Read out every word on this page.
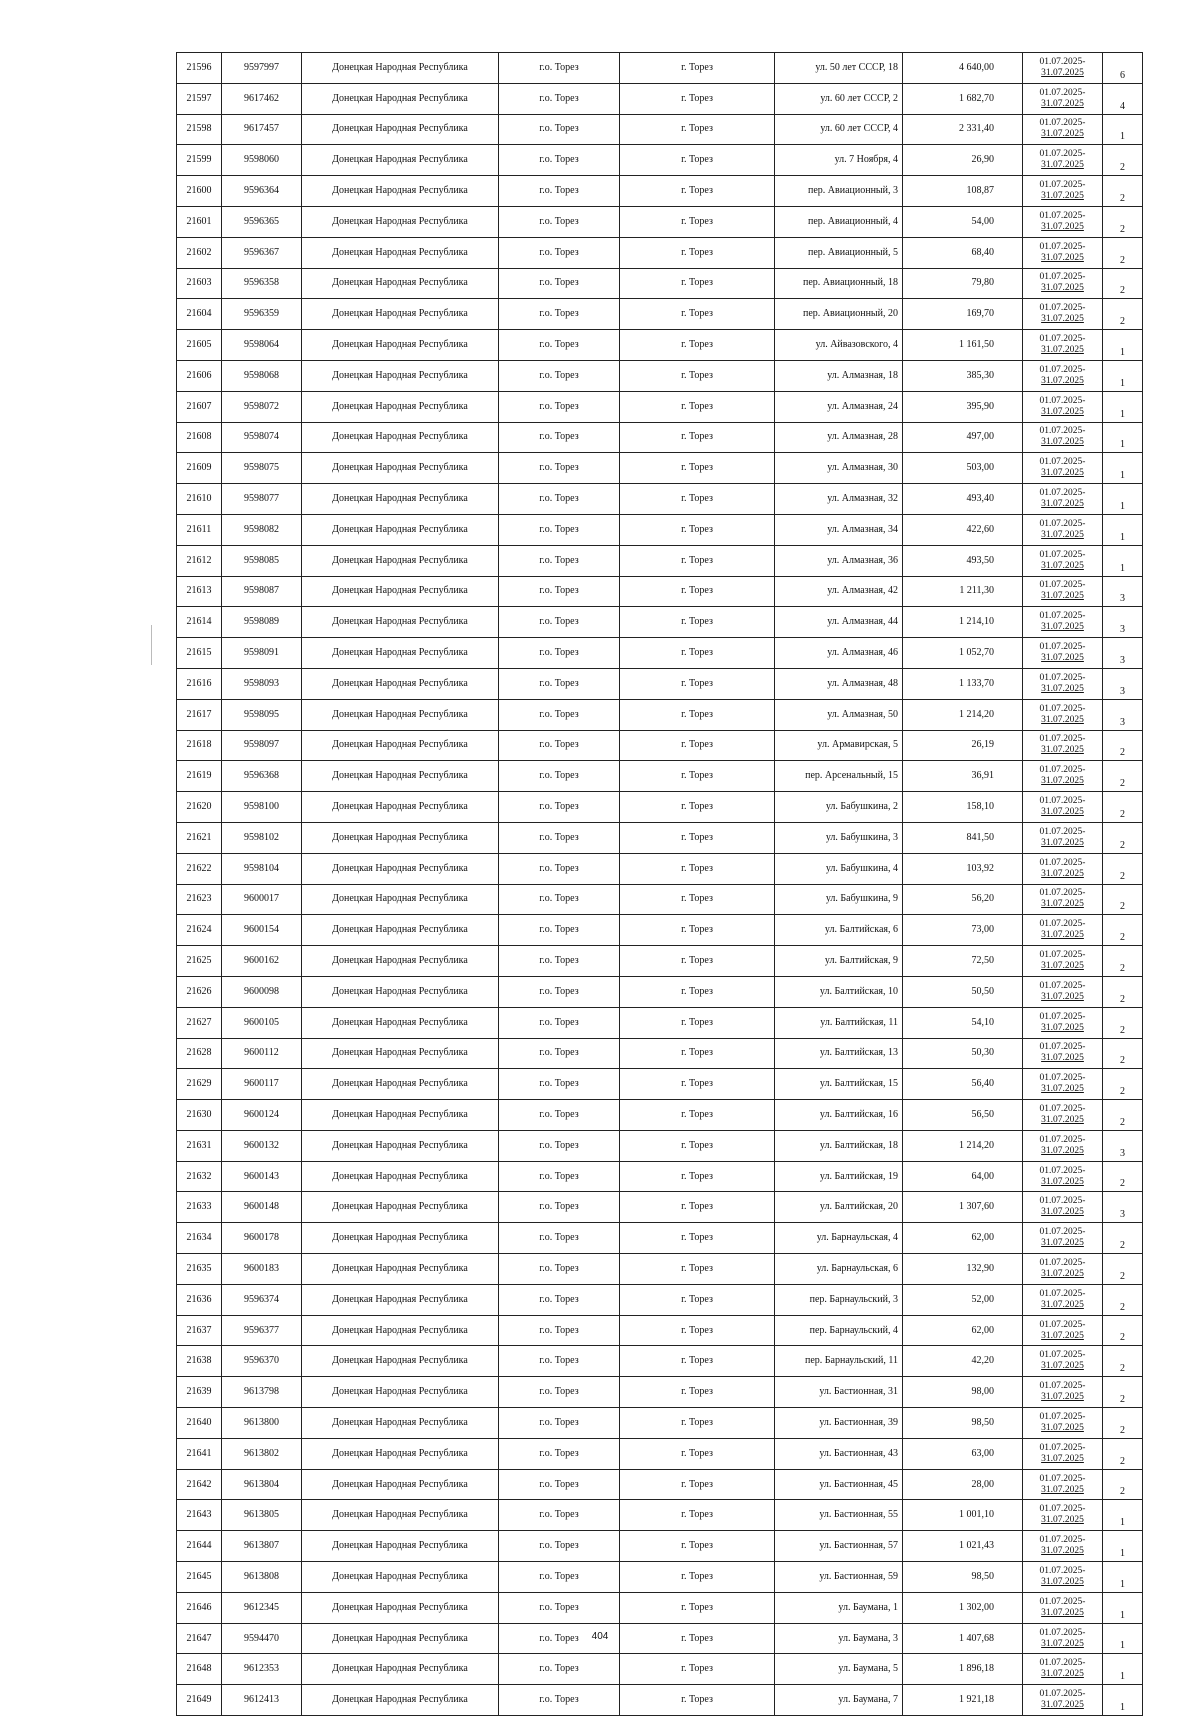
21596	9597997	Донецкая Народная Республика	г.о. Торез	г. Торез	ул. 50 лет СССР, 18	4 640,00	01.07.2025-
31.07.2025	6
21597	9617462	Донецкая Народная Республика	г.о. Торез	г. Торез	ул. 60 лет СССР, 2	1 682,70	01.07.2025-
31.07.2025	4
21598	9617457	Донецкая Народная Республика	г.о. Торез	г. Торез	ул. 60 лет СССР, 4	2 331,40	01.07.2025-
31.07.2025	1
21599	9598060	Донецкая Народная Республика	г.о. Торез	г. Торез	ул. 7 Ноября, 4	26,90	01.07.2025-
31.07.2025	2
21600	9596364	Донецкая Народная Республика	г.о. Торез	г. Торез	пер. Авиационный, 3	108,87	01.07.2025-
31.07.2025	2
21601	9596365	Донецкая Народная Республика	г.о. Торез	г. Торез	пер. Авиационный, 4	54,00	01.07.2025-
31.07.2025	2
21602	9596367	Донецкая Народная Республика	г.о. Торез	г. Торез	пер. Авиационный, 5	68,40	01.07.2025-
31.07.2025	2
21603	9596358	Донецкая Народная Республика	г.о. Торез	г. Торез	пер. Авиационный, 18	79,80	01.07.2025-
31.07.2025	2
21604	9596359	Донецкая Народная Республика	г.о. Торез	г. Торез	пер. Авиационный, 20	169,70	01.07.2025-
31.07.2025	2
21605	9598064	Донецкая Народная Республика	г.о. Торез	г. Торез	ул. Айвазовского, 4	1 161,50	01.07.2025-
31.07.2025	1
21606	9598068	Донецкая Народная Республика	г.о. Торез	г. Торез	ул. Алмазная, 18	385,30	01.07.2025-
31.07.2025	1
21607	9598072	Донецкая Народная Республика	г.о. Торез	г. Торез	ул. Алмазная, 24	395,90	01.07.2025-
31.07.2025	1
21608	9598074	Донецкая Народная Республика	г.о. Торез	г. Торез	ул. Алмазная, 28	497,00	01.07.2025-
31.07.2025	1
21609	9598075	Донецкая Народная Республика	г.о. Торез	г. Торез	ул. Алмазная, 30	503,00	01.07.2025-
31.07.2025	1
21610	9598077	Донецкая Народная Республика	г.о. Торез	г. Торез	ул. Алмазная, 32	493,40	01.07.2025-
31.07.2025	1
21611	9598082	Донецкая Народная Республика	г.о. Торез	г. Торез	ул. Алмазная, 34	422,60	01.07.2025-
31.07.2025	1
21612	9598085	Донецкая Народная Республика	г.о. Торез	г. Торез	ул. Алмазная, 36	493,50	01.07.2025-
31.07.2025	1
21613	9598087	Донецкая Народная Республика	г.о. Торез	г. Торез	ул. Алмазная, 42	1 211,30	01.07.2025-
31.07.2025	3
21614	9598089	Донецкая Народная Республика	г.о. Торез	г. Торез	ул. Алмазная, 44	1 214,10	01.07.2025-
31.07.2025	3
21615	9598091	Донецкая Народная Республика	г.о. Торез	г. Торез	ул. Алмазная, 46	1 052,70	01.07.2025-
31.07.2025	3
21616	9598093	Донецкая Народная Республика	г.о. Торез	г. Торез	ул. Алмазная, 48	1 133,70	01.07.2025-
31.07.2025	3
21617	9598095	Донецкая Народная Республика	г.о. Торез	г. Торез	ул. Алмазная, 50	1 214,20	01.07.2025-
31.07.2025	3
21618	9598097	Донецкая Народная Республика	г.о. Торез	г. Торез	ул. Армавирская, 5	26,19	01.07.2025-
31.07.2025	2
21619	9596368	Донецкая Народная Республика	г.о. Торез	г. Торез	пер. Арсенальный, 15	36,91	01.07.2025-
31.07.2025	2
21620	9598100	Донецкая Народная Республика	г.о. Торез	г. Торез	ул. Бабушкина, 2	158,10	01.07.2025-
31.07.2025	2
21621	9598102	Донецкая Народная Республика	г.о. Торез	г. Торез	ул. Бабушкина, 3	841,50	01.07.2025-
31.07.2025	2
21622	9598104	Донецкая Народная Республика	г.о. Торез	г. Торез	ул. Бабушкина, 4	103,92	01.07.2025-
31.07.2025	2
21623	9600017	Донецкая Народная Республика	г.о. Торез	г. Торез	ул. Бабушкина, 9	56,20	01.07.2025-
31.07.2025	2
21624	9600154	Донецкая Народная Республика	г.о. Торез	г. Торез	ул. Балтийская, 6	73,00	01.07.2025-
31.07.2025	2
21625	9600162	Донецкая Народная Республика	г.о. Торез	г. Торез	ул. Балтийская, 9	72,50	01.07.2025-
31.07.2025	2
21626	9600098	Донецкая Народная Республика	г.о. Торез	г. Торез	ул. Балтийская, 10	50,50	01.07.2025-
31.07.2025	2
21627	9600105	Донецкая Народная Республика	г.о. Торез	г. Торез	ул. Балтийская, 11	54,10	01.07.2025-
31.07.2025	2
21628	9600112	Донецкая Народная Республика	г.о. Торез	г. Торез	ул. Балтийская, 13	50,30	01.07.2025-
31.07.2025	2
21629	9600117	Донецкая Народная Республика	г.о. Торез	г. Торез	ул. Балтийская, 15	56,40	01.07.2025-
31.07.2025	2
21630	9600124	Донецкая Народная Республика	г.о. Торез	г. Торез	ул. Балтийская, 16	56,50	01.07.2025-
31.07.2025	2
21631	9600132	Донецкая Народная Республика	г.о. Торез	г. Торез	ул. Балтийская, 18	1 214,20	01.07.2025-
31.07.2025	3
21632	9600143	Донецкая Народная Республика	г.о. Торез	г. Торез	ул. Балтийская, 19	64,00	01.07.2025-
31.07.2025	2
21633	9600148	Донецкая Народная Республика	г.о. Торез	г. Торез	ул. Балтийская, 20	1 307,60	01.07.2025-
31.07.2025	3
21634	9600178	Донецкая Народная Республика	г.о. Торез	г. Торез	ул. Барнаульская, 4	62,00	01.07.2025-
31.07.2025	2
21635	9600183	Донецкая Народная Республика	г.о. Торез	г. Торез	ул. Барнаульская, 6	132,90	01.07.2025-
31.07.2025	2
21636	9596374	Донецкая Народная Республика	г.о. Торез	г. Торез	пер. Барнаульский, 3	52,00	01.07.2025-
31.07.2025	2
21637	9596377	Донецкая Народная Республика	г.о. Торез	г. Торез	пер. Барнаульский, 4	62,00	01.07.2025-
31.07.2025	2
21638	9596370	Донецкая Народная Республика	г.о. Торез	г. Торез	пер. Барнаульский, 11	42,20	01.07.2025-
31.07.2025	2
21639	9613798	Донецкая Народная Республика	г.о. Торез	г. Торез	ул. Бастионная, 31	98,00	01.07.2025-
31.07.2025	2
21640	9613800	Донецкая Народная Республика	г.о. Торез	г. Торез	ул. Бастионная, 39	98,50	01.07.2025-
31.07.2025	2
21641	9613802	Донецкая Народная Республика	г.о. Торез	г. Торез	ул. Бастионная, 43	63,00	01.07.2025-
31.07.2025	2
21642	9613804	Донецкая Народная Республика	г.о. Торез	г. Торез	ул. Бастионная, 45	28,00	01.07.2025-
31.07.2025	2
21643	9613805	Донецкая Народная Республика	г.о. Торез	г. Торез	ул. Бастионная, 55	1 001,10	01.07.2025-
31.07.2025	1
21644	9613807	Донецкая Народная Республика	г.о. Торез	г. Торез	ул. Бастионная, 57	1 021,43	01.07.2025-
31.07.2025	1
21645	9613808	Донецкая Народная Республика	г.о. Торез	г. Торез	ул. Бастионная, 59	98,50	01.07.2025-
31.07.2025	1
21646	9612345	Донецкая Народная Республика	г.о. Торез	г. Торез	ул. Баумана, 1	1 302,00	01.07.2025-
31.07.2025	1
21647	9594470	Донецкая Народная Республика	г.о. Торез	г. Торез	ул. Баумана, 3	1 407,68	01.07.2025-
31.07.2025	1
21648	9612353	Донецкая Народная Республика	г.о. Торез	г. Торез	ул. Баумана, 5	1 896,18	01.07.2025-
31.07.2025	1
21649	9612413	Донецкая Народная Республика	г.о. Торез	г. Торез	ул. Баумана, 7	1 921,18	01.07.2025-
31.07.2025	1
404
